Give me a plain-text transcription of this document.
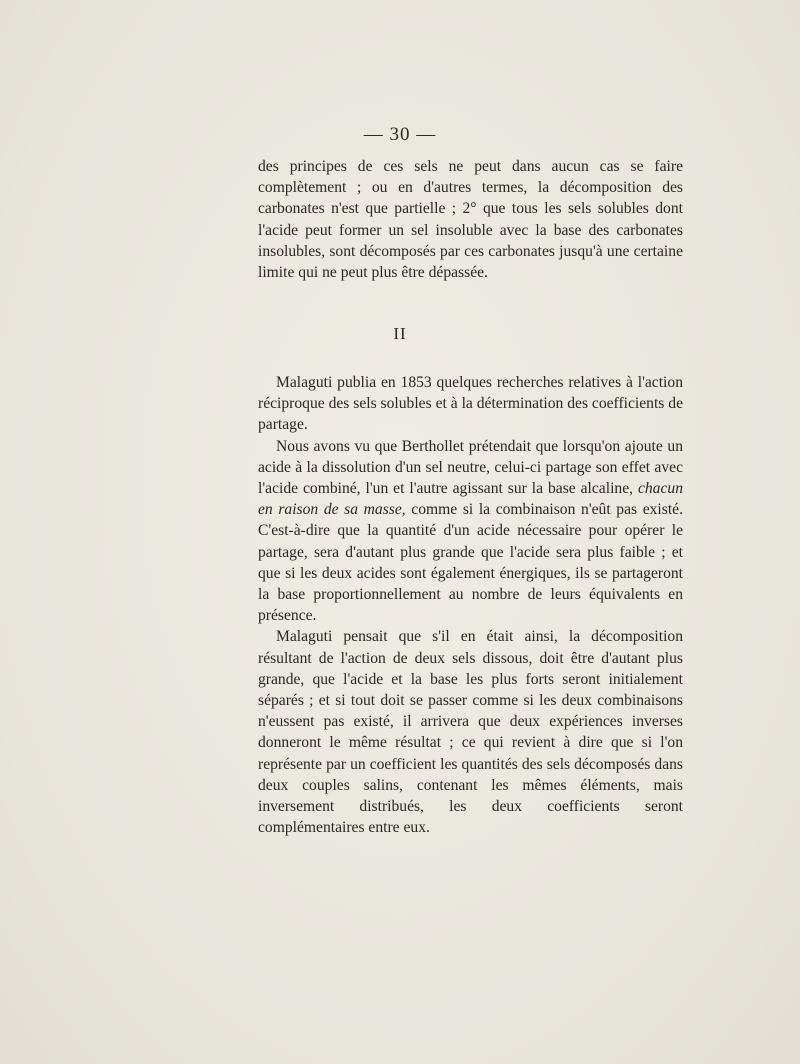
— 30 —

des principes de ces sels ne peut dans aucun cas se faire complètement ; ou en d'autres termes, la décomposition des carbonates n'est que partielle ; 2° que tous les sels solubles dont l'acide peut former un sel insoluble avec la base des carbonates insolubles, sont décomposés par ces carbonates jusqu'à une certaine limite qui ne peut plus être dépassée.

II

Malaguti publia en 1853 quelques recherches relatives à l'action réciproque des sels solubles et à la détermination des coefficients de partage.

Nous avons vu que Berthollet prétendait que lorsqu'on ajoute un acide à la dissolution d'un sel neutre, celui-ci partage son effet avec l'acide combiné, l'un et l'autre agissant sur la base alcaline, chacun en raison de sa masse, comme si la combinaison n'eût pas existé. C'est-à-dire que la quantité d'un acide nécessaire pour opérer le partage, sera d'autant plus grande que l'acide sera plus faible ; et que si les deux acides sont également énergiques, ils se partageront la base proportionnellement au nombre de leurs équivalents en présence.

Malaguti pensait que s'il en était ainsi, la décomposition résultant de l'action de deux sels dissous, doit être d'autant plus grande, que l'acide et la base les plus forts seront initialement séparés ; et si tout doit se passer comme si les deux combinaisons n'eussent pas existé, il arrivera que deux expériences inverses donneront le même résultat ; ce qui revient à dire que si l'on représente par un coefficient les quantités des sels décomposés dans deux couples salins, contenant les mêmes éléments, mais inversement distribués, les deux coefficients seront complémentaires entre eux.
